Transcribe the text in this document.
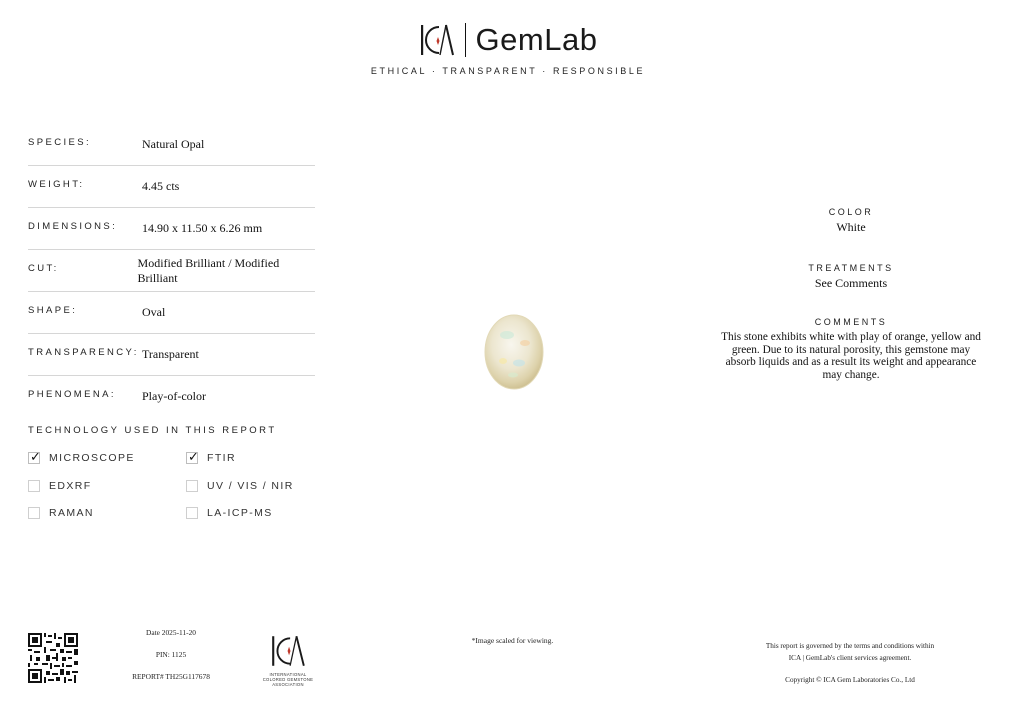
GemLab
ETHICAL · TRANSPARENT · RESPONSIBLE
SPECIES:	Natural Opal
WEIGHT:	4.45 cts
DIMENSIONS:	14.90 x 11.50 x 6.26 mm
CUT:	Modified Brilliant / Modified Brilliant
SHAPE:	Oval
TRANSPARENCY: Transparent
PHENOMENA:	Play-of-color
TECHNOLOGY USED IN THIS REPORT
✓ MICROSCOPE	✓ FTIR
EDXRF	UV / VIS / NIR
RAMAN	LA-ICP-MS
*Image scaled for viewing.
COLOR
White
TREATMENTS
See Comments
COMMENTS
This stone exhibits white with play of orange, yellow and green. Due to its natural porosity, this gemstone may absorb liquids and as a result its weight and appearance may change.
Date 2025-11-20
PIN: 1125
REPORT# TH25G117678	INTERNATIONAL COLORED GEMSTONE ASSOCIATION
This report is governed by the terms and conditions within
ICA | GemLab's client services agreement.
Copyright © ICA Gem Laboratories Co., Ltd
